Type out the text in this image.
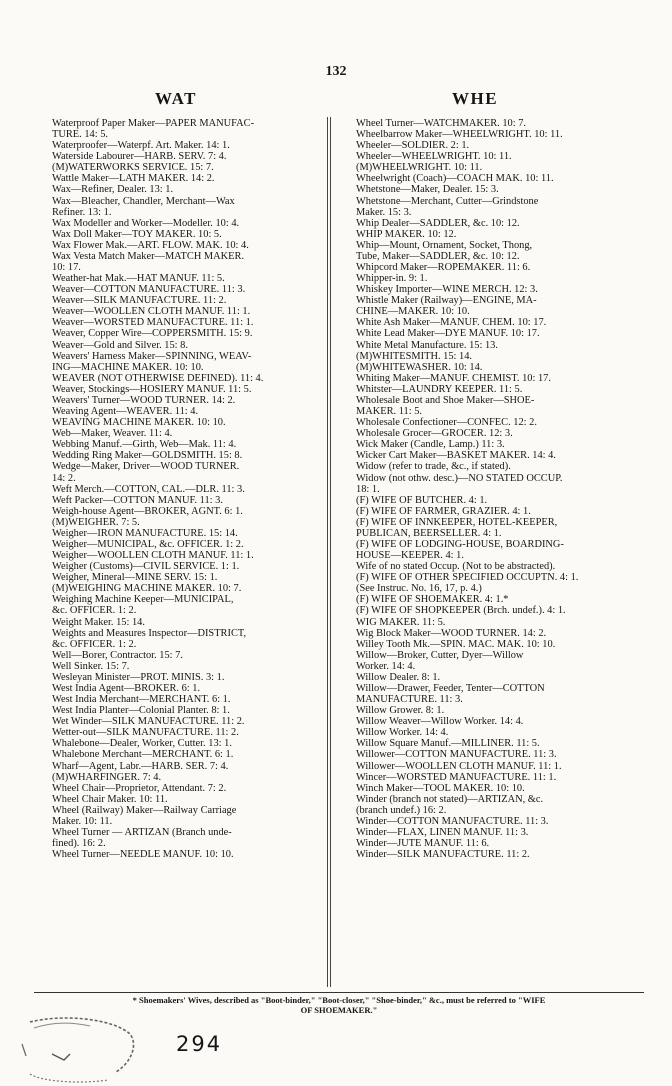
132
WAT	WHE
Waterproof Paper Maker—PAPER MANUFAC-
TURE. 14: 5.
Waterproofer—Waterpf. Art. Maker. 14: 1.
Waterside Labourer—HARB. SERV. 7: 4.
(M)WATERWORKS SERVICE. 15: 7.
Wattle Maker—LATH MAKER. 14: 2.
Wax—Refiner, Dealer. 13: 1.
Wax—Bleacher, Chandler, Merchant—Wax
Refiner. 13: 1.
Wax Modeller and Worker—Modeller. 10: 4.
Wax Doll Maker—TOY MAKER. 10: 5.
Wax Flower Mak.—ART. FLOW. MAK. 10: 4.
Wax Vesta Match Maker—MATCH MAKER.
10: 17.
Weather-hat Mak.—HAT MANUF. 11: 5.
Weaver—COTTON MANUFACTURE. 11: 3.
Weaver—SILK MANUFACTURE. 11: 2.
Weaver—WOOLLEN CLOTH MANUF. 11: 1.
Weaver—WORSTED MANUFACTURE. 11: 1.
Weaver, Copper Wire—COPPERSMITH. 15: 9.
Weaver—Gold and Silver. 15: 8.
Weavers' Harness Maker—SPINNING, WEAV-
ING—MACHINE MAKER. 10: 10.
WEAVER (NOT OTHERWISE DEFINED). 11: 4.
Weaver, Stockings—HOSIERY MANUF. 11: 5.
Weavers' Turner—WOOD TURNER. 14: 2.
Weaving Agent—WEAVER. 11: 4.
WEAVING MACHINE MAKER. 10: 10.
Web—Maker, Weaver. 11: 4.
Webbing Manuf.—Girth, Web—Mak. 11: 4.
Wedding Ring Maker—GOLDSMITH. 15: 8.
Wedge—Maker, Driver—WOOD TURNER.
14: 2.
Weft Merch.—COTTON, CAL.—DLR. 11: 3.
Weft Packer—COTTON MANUF. 11: 3.
Weigh-house Agent—BROKER, AGNT. 6: 1.
(M)WEIGHER. 7: 5.
Weigher—IRON MANUFACTURE. 15: 14.
Weigher—MUNICIPAL, &c. OFFICER. 1: 2.
Weigher—WOOLLEN CLOTH MANUF. 11: 1.
Weigher (Customs)—CIVIL SERVICE. 1: 1.
Weigher, Mineral—MINE SERV. 15: 1.
(M)WEIGHING MACHINE MAKER. 10: 7.
Weighing Machine Keeper—MUNICIPAL,
&c. OFFICER. 1: 2.
Weight Maker. 15: 14.
Weights and Measures Inspector—DISTRICT,
&c. OFFICER. 1: 2.
Well—Borer, Contractor. 15: 7.
Well Sinker. 15: 7.
Wesleyan Minister—PROT. MINIS. 3: 1.
West India Agent—BROKER. 6: 1.
West India Merchant—MERCHANT. 6: 1.
West India Planter—Colonial Planter. 8: 1.
Wet Winder—SILK MANUFACTURE. 11: 2.
Wetter-out—SILK MANUFACTURE. 11: 2.
Whalebone—Dealer, Worker, Cutter. 13: 1.
Whalebone Merchant—MERCHANT. 6: 1.
Wharf—Agent, Labr.—HARB. SER. 7: 4.
(M)WHARFINGER. 7: 4.
Wheel Chair—Proprietor, Attendant. 7: 2.
Wheel Chair Maker. 10: 11.
Wheel (Railway) Maker—Railway Carriage
Maker. 10: 11.
Wheel Turner — ARTIZAN (Branch unde-
fined). 16: 2.
Wheel Turner—NEEDLE MANUF. 10: 10.
Wheel Turner—WATCHMAKER. 10: 7.
Wheelbarrow Maker—WHEELWRIGHT. 10: 11.
Wheeler—SOLDIER. 2: 1.
Wheeler—WHEELWRIGHT. 10: 11.
(M)WHEELWRIGHT. 10: 11.
Wheelwright (Coach)—COACH MAK. 10: 11.
Whetstone—Maker, Dealer. 15: 3.
Whetstone—Merchant, Cutter—Grindstone
Maker. 15: 3.
Whip Dealer—SADDLER, &c. 10: 12.
WHIP MAKER. 10: 12.
Whip—Mount, Ornament, Socket, Thong,
Tube, Maker—SADDLER, &c. 10: 12.
Whipcord Maker—ROPEMAKER. 11: 6.
Whipper-in. 9: 1.
Whiskey Importer—WINE MERCH. 12: 3.
Whistle Maker (Railway)—ENGINE, MA-
CHINE—MAKER. 10: 10.
White Ash Maker—MANUF. CHEM. 10: 17.
White Lead Maker—DYE MANUF. 10: 17.
White Metal Manufacture. 15: 13.
(M)WHITESMITH. 15: 14.
(M)WHITEWASHER. 10: 14.
Whiting Maker—MANUF. CHEMIST. 10: 17.
Whitster—LAUNDRY KEEPER. 11: 5.
Wholesale Boot and Shoe Maker—SHOE-
MAKER. 11: 5.
Wholesale Confectioner—CONFEC. 12: 2.
Wholesale Grocer—GROCER. 12: 3.
Wick Maker (Candle, Lamp.) 11: 3.
Wicker Cart Maker—BASKET MAKER. 14: 4.
Widow (refer to trade, &c., if stated).
Widow (not othw. desc.)—NO STATED OCCUP.
18: 1.
(F) WIFE OF BUTCHER. 4: 1.
(F) WIFE OF FARMER, GRAZIER. 4: 1.
(F) WIFE OF INNKEEPER, HOTEL-KEEPER,
PUBLICAN, BEERSELLER. 4: 1.
(F) WIFE OF LODGING-HOUSE, BOARDING-
HOUSE—KEEPER. 4: 1.
Wife of no stated Occup. (Not to be abstracted).
(F) WIFE OF OTHER SPECIFIED OCCUPTN. 4: 1.
(See Instruc. No. 16, 17, p. 4.)
(F) WIFE OF SHOEMAKER. 4: 1.*
(F) WIFE OF SHOPKEEPER (Brch. undef.). 4: 1.
WIG MAKER. 11: 5.
Wig Block Maker—WOOD TURNER. 14: 2.
Willey Tooth Mk.—SPIN. MAC. MAK. 10: 10.
Willow—Broker, Cutter, Dyer—Willow
Worker. 14: 4.
Willow Dealer. 8: 1.
Willow—Drawer, Feeder, Tenter—COTTON
MANUFACTURE. 11: 3.
Willow Grower. 8: 1.
Willow Weaver—Willow Worker. 14: 4.
Willow Worker. 14: 4.
Willow Square Manuf.—MILLINER. 11: 5.
Willower—COTTON MANUFACTURE. 11: 3.
Willower—WOOLLEN CLOTH MANUF. 11: 1.
Wincer—WORSTED MANUFACTURE. 11: 1.
Winch Maker—TOOL MAKER. 10: 10.
Winder (branch not stated)—ARTIZAN, &c.
(branch undef.) 16: 2.
Winder—COTTON MANUFACTURE. 11: 3.
Winder—FLAX, LINEN MANUF. 11: 3.
Winder—JUTE MANUF. 11: 6.
Winder—SILK MANUFACTURE. 11: 2.
* Shoemakers' Wives, described as "Boot-binder," "Boot-closer," "Shoe-binder," &c., must be referred to "WIFE
OF SHOEMAKER."
294
